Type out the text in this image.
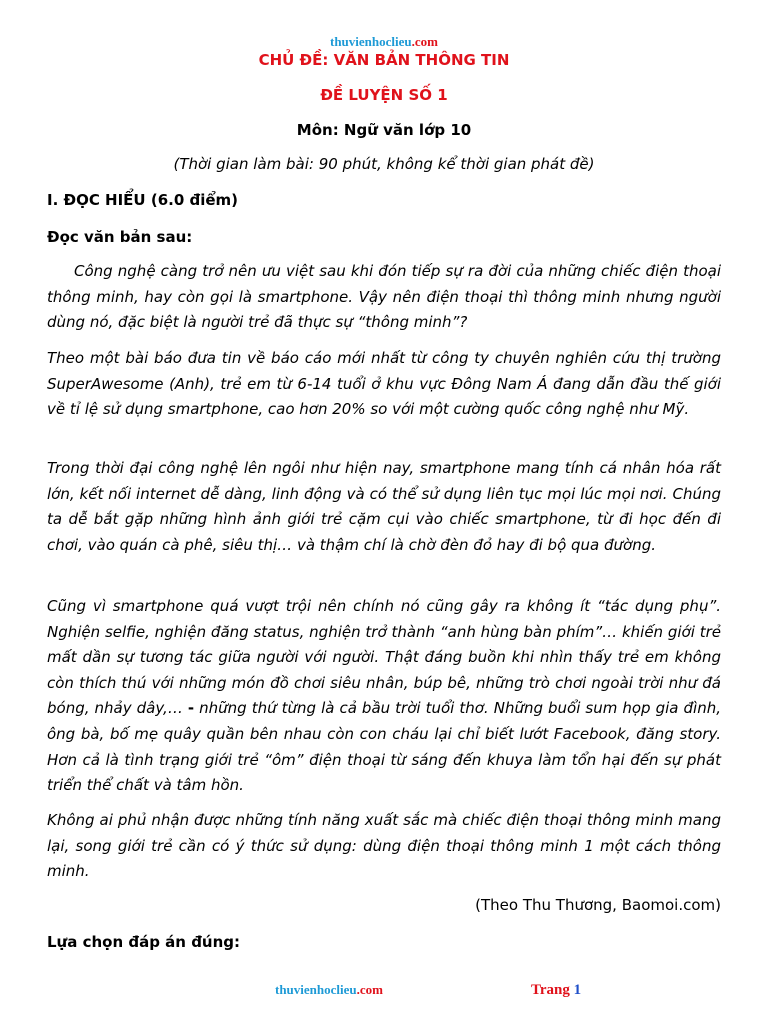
thuvienhoclieu.com
CHỦ ĐỀ: VĂN BẢN THÔNG TIN
ĐỀ LUYỆN SỐ 1
Môn: Ngữ văn lớp 10
(Thời gian làm bài: 90 phút, không kể thời gian phát đề)
I. ĐỌC HIỂU (6.0 điểm)
Đọc văn bản sau:

Công nghệ càng trở nên ưu việt sau khi đón tiếp sự ra đời của những chiếc điện thoại thông minh, hay còn gọi là smartphone. Vậy nên điện thoại thì thông minh nhưng người dùng nó, đặc biệt là người trẻ đã thực sự “thông minh”?

Theo một bài báo đưa tin về báo cáo mới nhất từ công ty chuyên nghiên cứu thị trường SuperAwesome (Anh), trẻ em từ 6-14 tuổi ở khu vực Đông Nam Á đang dẫn đầu thế giới về tỉ lệ sử dụng smartphone, cao hơn 20% so với một cường quốc công nghệ như Mỹ.

Trong thời đại công nghệ lên ngôi như hiện nay, smartphone mang tính cá nhân hóa rất lớn, kết nối internet dễ dàng, linh động và có thể sử dụng liên tục mọi lúc mọi nơi. Chúng ta dễ bắt gặp những hình ảnh giới trẻ cặm cụi vào chiếc smartphone, từ đi học đến đi chơi, vào quán cà phê, siêu thị… và thậm chí là chờ đèn đỏ hay đi bộ qua đường.

Cũng vì smartphone quá vượt trội nên chính nó cũng gây ra không ít “tác dụng phụ”. Nghiện selfie, nghiện đăng status, nghiện trở thành “anh hùng bàn phím”… khiến giới trẻ mất dần sự tương tác giữa người với người. Thật đáng buồn khi nhìn thấy trẻ em không còn thích thú với những món đồ chơi siêu nhân, búp bê, những trò chơi ngoài trời như đá bóng, nhảy dây,… - những thứ từng là cả bầu trời tuổi thơ. Những buổi sum họp gia đình, ông bà, bố mẹ quây quần bên nhau còn con cháu lại chỉ biết lướt Facebook, đăng story. Hơn cả là tình trạng giới trẻ “ôm” điện thoại từ sáng đến khuya làm tổn hại đến sự phát triển thể chất và tâm hồn.

Không ai phủ nhận được những tính năng xuất sắc mà chiếc điện thoại thông minh mang lại, song giới trẻ cần có ý thức sử dụng: dùng điện thoại thông minh 1 một cách thông minh.

(Theo Thu Thương, Baomoi.com)
Lựa chọn đáp án đúng:
thuvienhoclieu.com	Trang 1
